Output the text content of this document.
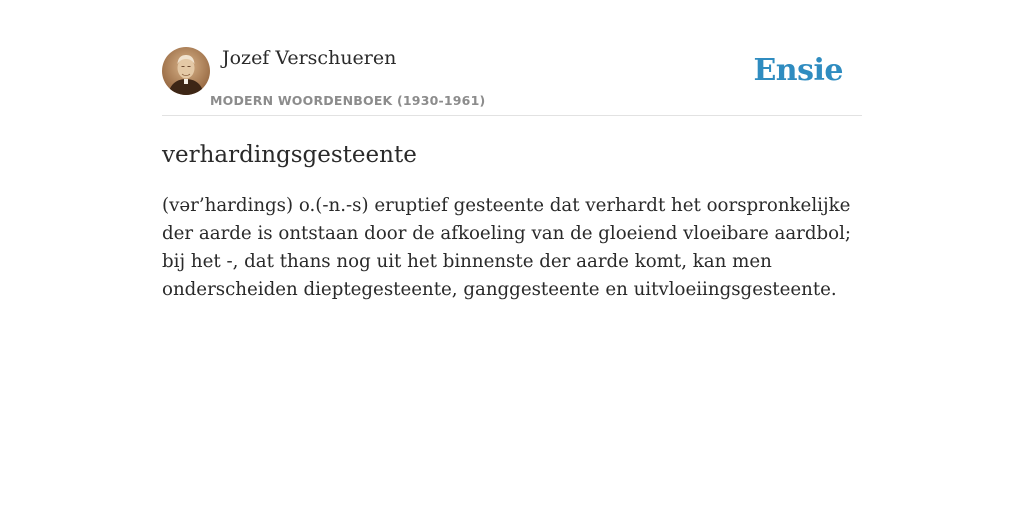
Jozef Verschueren
MODERN WOORDENBOEK (1930-1961)
Ensie
verhardingsgesteente

(vər’hardings) o.(-n.-s) eruptief gesteente dat verhardt het oorspronkelijke der aarde is ontstaan door de afkoeling van de gloeiend vloeibare aardbol; bij het -, dat thans nog uit het binnenste der aarde komt, kan men onderscheiden dieptegesteente, ganggesteente en uitvloeiingsgesteente.
